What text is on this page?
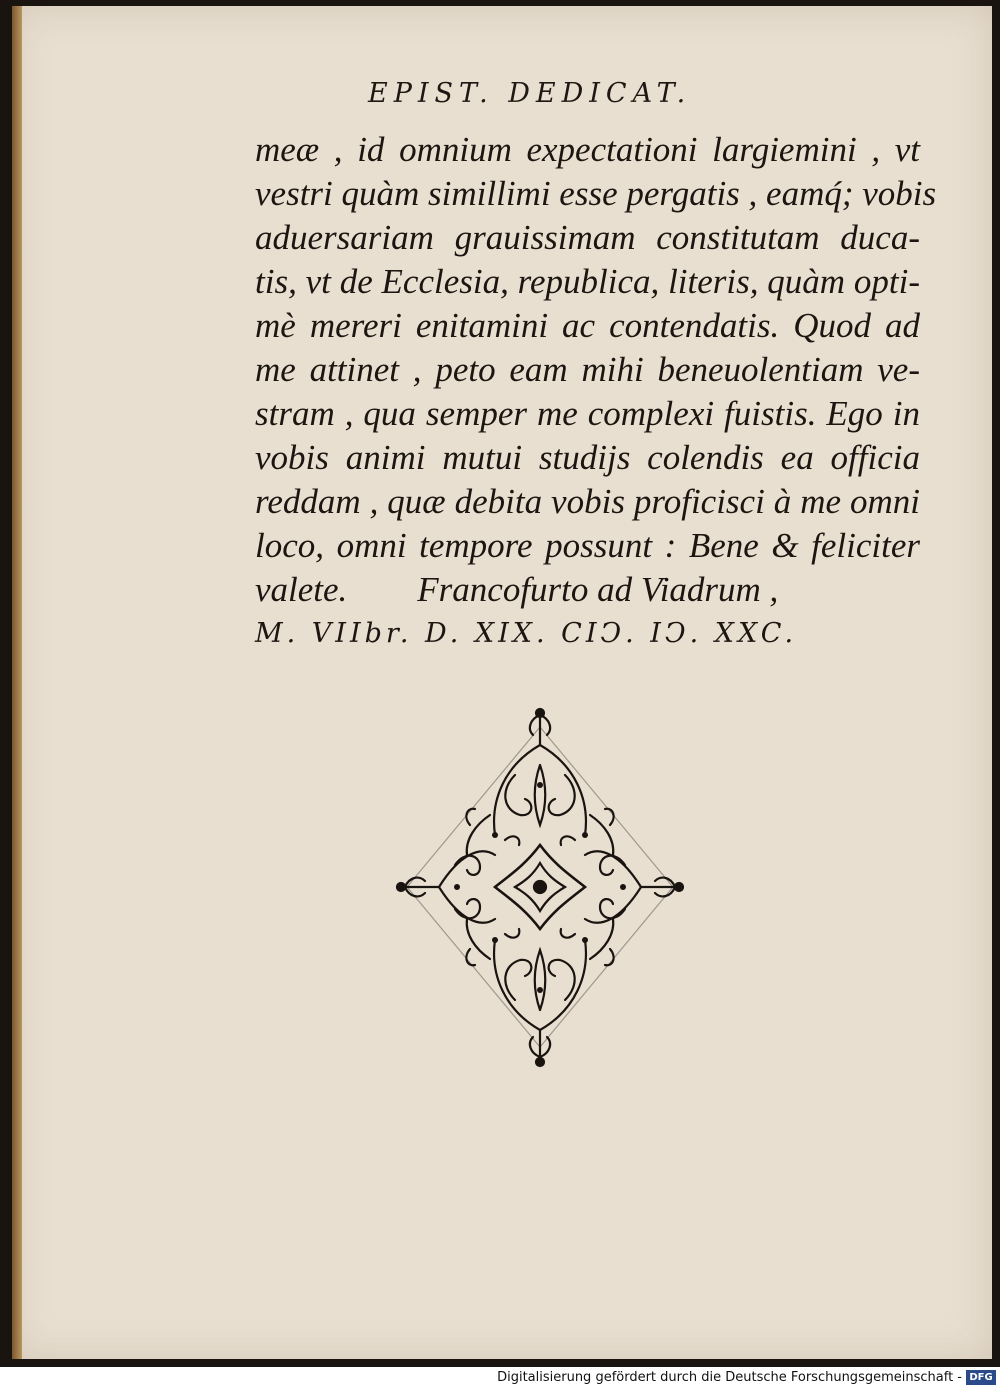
EPIST. DEDICAT.
meæ , id omnium expectationi largiemini , vt
vestri quàm simillimi esse pergatis , eamq́; vobis
aduersariam grauissimam constitutam duca-
tis, vt de Ecclesia, republica, literis, quàm opti-
mè mereri enitamini ac contendatis. Quod ad
me attinet , peto eam mihi beneuolentiam ve-
stram , qua semper me complexi fuistis. Ego in
vobis animi mutui studijs colendis ea officia
reddam , quæ debita vobis proficisci à me omni
loco, omni tempore possunt : Bene & feliciter
valete.        Francofurto ad Viadrum ,
M. VIIbr. D. XIX. CIↃ. IↃ. XXC.
Digitalisierung gefördert durch die Deutsche Forschungsgemeinschaft - DFG
